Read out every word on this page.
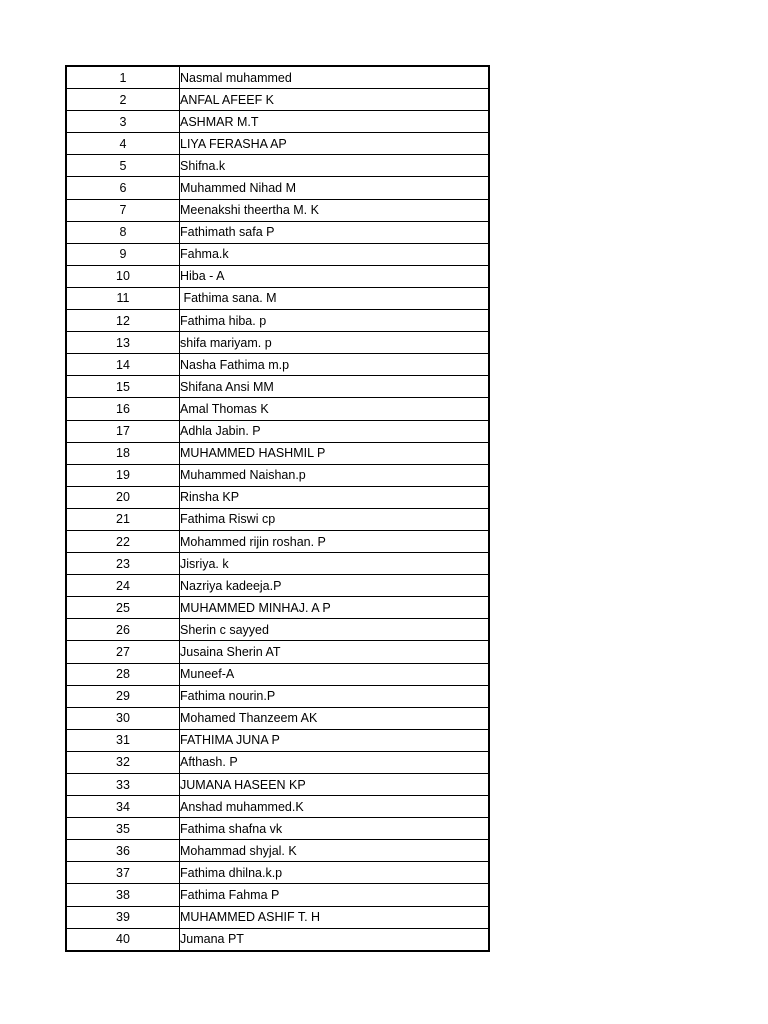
1	Nasmal muhammed
2	ANFAL AFEEF K
3	ASHMAR M.T
4	LIYA FERASHA AP
5	Shifna.k
6	Muhammed Nihad M
7	Meenakshi theertha M. K
8	Fathimath safa P
9	Fahma.k
10	Hiba - A
11	Fathima sana. M
12	Fathima hiba. p
13	shifa mariyam. p
14	Nasha Fathima m.p
15	Shifana Ansi MM
16	Amal Thomas K
17	Adhla Jabin. P
18	MUHAMMED HASHMIL P
19	Muhammed Naishan.p
20	Rinsha KP
21	Fathima Riswi cp
22	Mohammed rijin roshan. P
23	Jisriya. k
24	Nazriya kadeeja.P
25	MUHAMMED MINHAJ. A P
26	Sherin c sayyed
27	Jusaina Sherin AT
28	Muneef-A
29	Fathima nourin.P
30	Mohamed Thanzeem AK
31	FATHIMA JUNA P
32	Afthash. P
33	JUMANA HASEEN KP
34	Anshad muhammed.K
35	Fathima shafna vk
36	Mohammad shyjal. K
37	Fathima dhilna.k.p
38	Fathima Fahma P
39	MUHAMMED ASHIF T. H
40	Jumana PT
